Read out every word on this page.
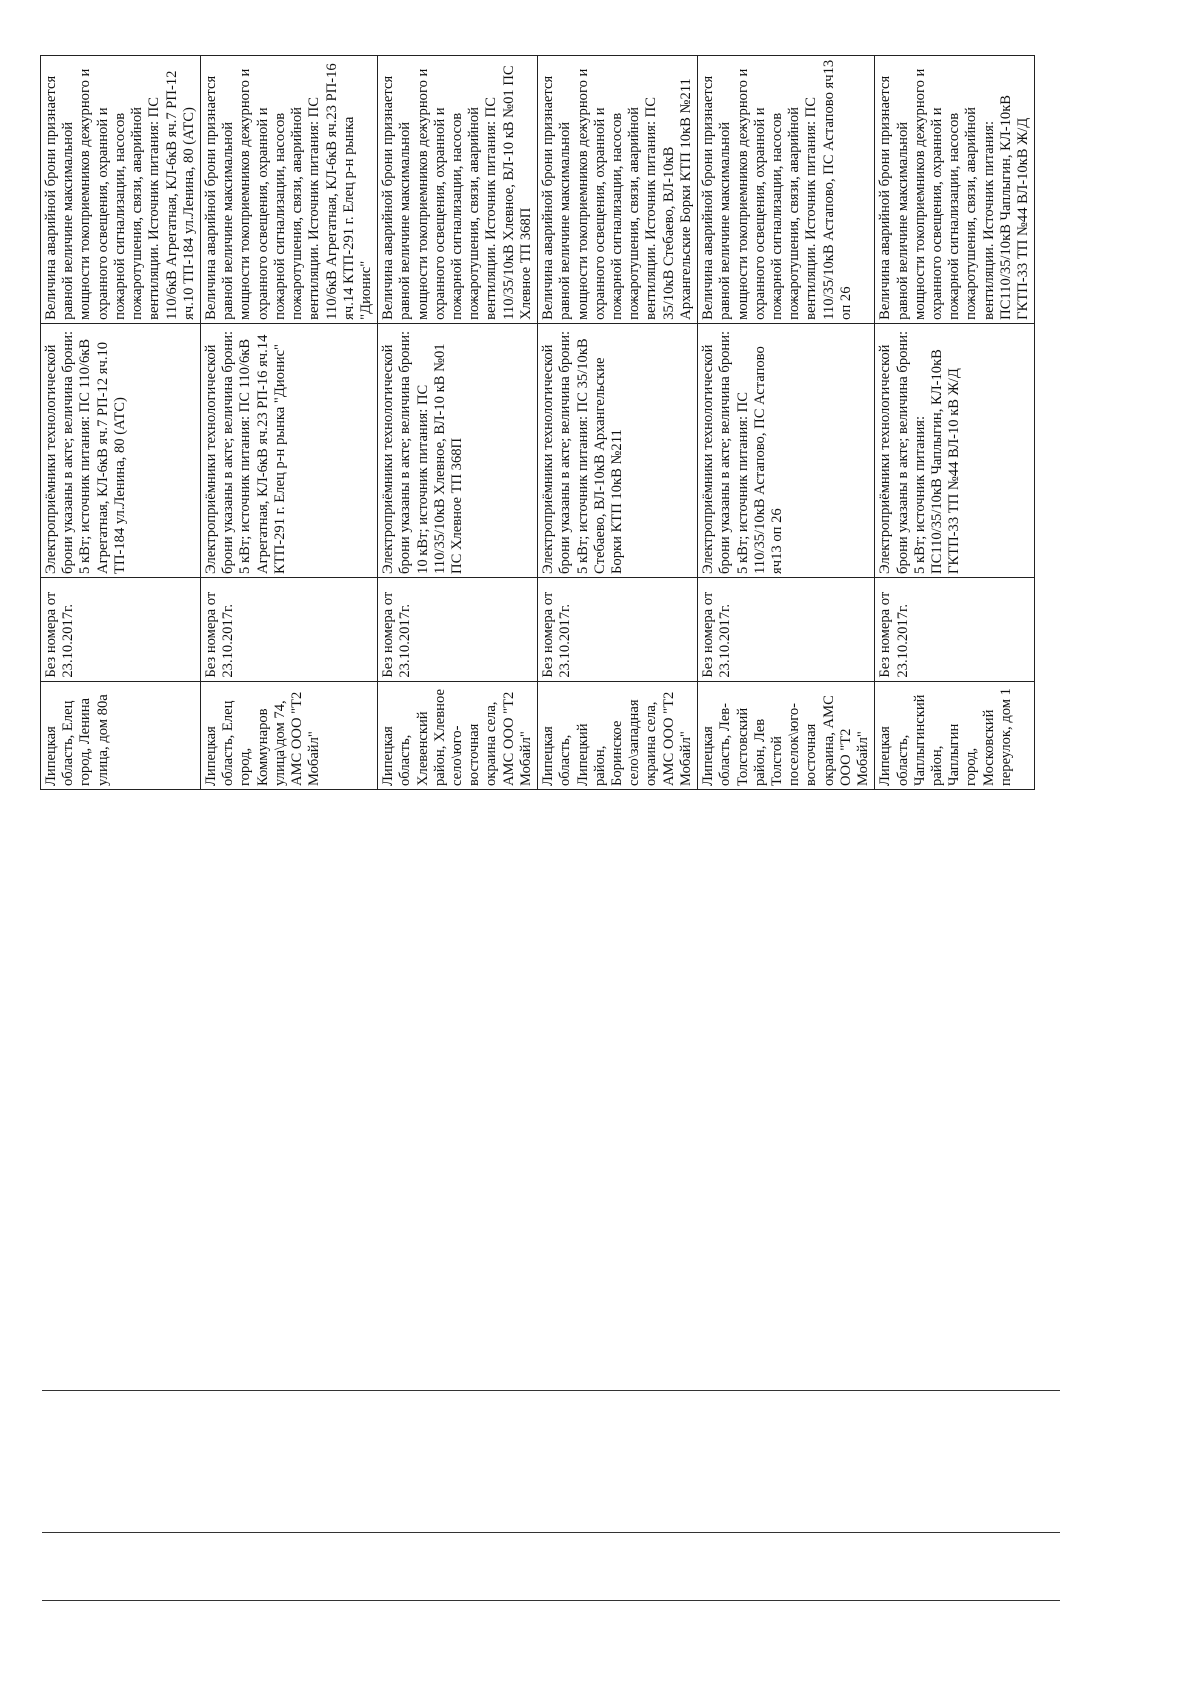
Липецкая область, Елец город, Ленина улица, дом 80а	Без номера от 23.10.2017г.	Электроприёмники технологической брони указаны в акте; величина брони: 5 кВт; источник питания: ПС 110/6кВ Агрегатная, КЛ-6кВ яч.7 РП-12 яч.10 ТП-184 ул.Ленина, 80 (АТС)	Величина аварийной брони признается равной величине максимальной мощности токоприемников дежурного и охранного освещения, охранной и пожарной сигнализации, насосов пожаротушения, связи, аварийной вентиляции. Источник питания: ПС 110/6кВ Агрегатная, КЛ-6кВ яч.7 РП-12 яч.10 ТП-184 ул.Ленина, 80 (АТС)
Липецкая область, Елец город, Коммунаров улица\дом 74, АМС ООО "Т2 Мобайл"	Без номера от 23.10.2017г.	Электроприёмники технологической брони указаны в акте; величина брони: 5 кВт; источник питания: ПС 110/6кВ Агрегатная, КЛ-6кВ яч.23 РП-16 яч.14 КТП-291 г. Елец р-н рынка "Дионис"	Величина аварийной брони признается равной величине максимальной мощности токоприемников дежурного и охранного освещения, охранной и пожарной сигнализации, насосов пожаротушения, связи, аварийной вентиляции. Источник питания: ПС 110/6кВ Агрегатная, КЛ-6кВ яч.23 РП-16 яч.14 КТП-291 г. Елец р-н рынка "Дионис"
Липецкая область, Хлевенский район, Хлевное село\юго-восточная окраина села, АМС ООО "Т2 Мобайл"	Без номера от 23.10.2017г.	Электроприёмники технологической брони указаны в акте; величина брони: 10 кВт; источник питания: ПС 110/35/10кВ Хлевное, ВЛ-10 кВ №01 ПС Хлевное ТП 368П	Величина аварийной брони признается равной величине максимальной мощности токоприемников дежурного и охранного освещения, охранной и пожарной сигнализации, насосов пожаротушения, связи, аварийной вентиляции. Источник питания: ПС 110/35/10кВ Хлевное, ВЛ-10 кВ №01 ПС Хлевное ТП 368П
Липецкая область, Липецкий район, Боринское село\западная окраина села, АМС ООО "Т2 Мобайл"	Без номера от 23.10.2017г.	Электроприёмники технологической брони указаны в акте; величина брони: 5 кВт; источник питания: ПС 35/10кВ Стебаево, ВЛ-10кВ Архангельские Борки КТП 10кВ №211	Величина аварийной брони признается равной величине максимальной мощности токоприемников дежурного и охранного освещения, охранной и пожарной сигнализации, насосов пожаротушения, связи, аварийной вентиляции. Источник питания: ПС 35/10кВ Стебаево, ВЛ-10кВ Архангельские Борки КТП 10кВ №211
Липецкая область, Лев-Толстовский район, Лев Толстой поселок\юго-восточная окраина, АМС ООО "Т2 Мобайл"	Без номера от 23.10.2017г.	Электроприёмники технологической брони указаны в акте; величина брони: 5 кВт; источник питания: ПС 110/35/10кВ Астапово, ПС Астапово яч13 оп 26	Величина аварийной брони признается равной величине максимальной мощности токоприемников дежурного и охранного освещения, охранной и пожарной сигнализации, насосов пожаротушения, связи, аварийной вентиляции. Источник питания: ПС 110/35/10кВ Астапово, ПС Астапово яч13 оп 26
Липецкая область, Чаплыгинский район, Чаплыгин город, Московский переулок, дом 1	Без номера от 23.10.2017г.	Электроприёмники технологической брони указаны в акте; величина брони: 5 кВт; источник питания: ПС110/35/10кВ Чаплыгин, КЛ-10кВ ГКТП-33 ТП №44 ВЛ-10 кВ Ж/Д	Величина аварийной брони признается равной величине максимальной мощности токоприемников дежурного и охранного освещения, охранной и пожарной сигнализации, насосов пожаротушения, связи, аварийной вентиляции. Источник питания: ПС110/35/10кВ Чаплыгин, КЛ-10кВ ГКТП-33 ТП №44 ВЛ-10кВ Ж/Д
